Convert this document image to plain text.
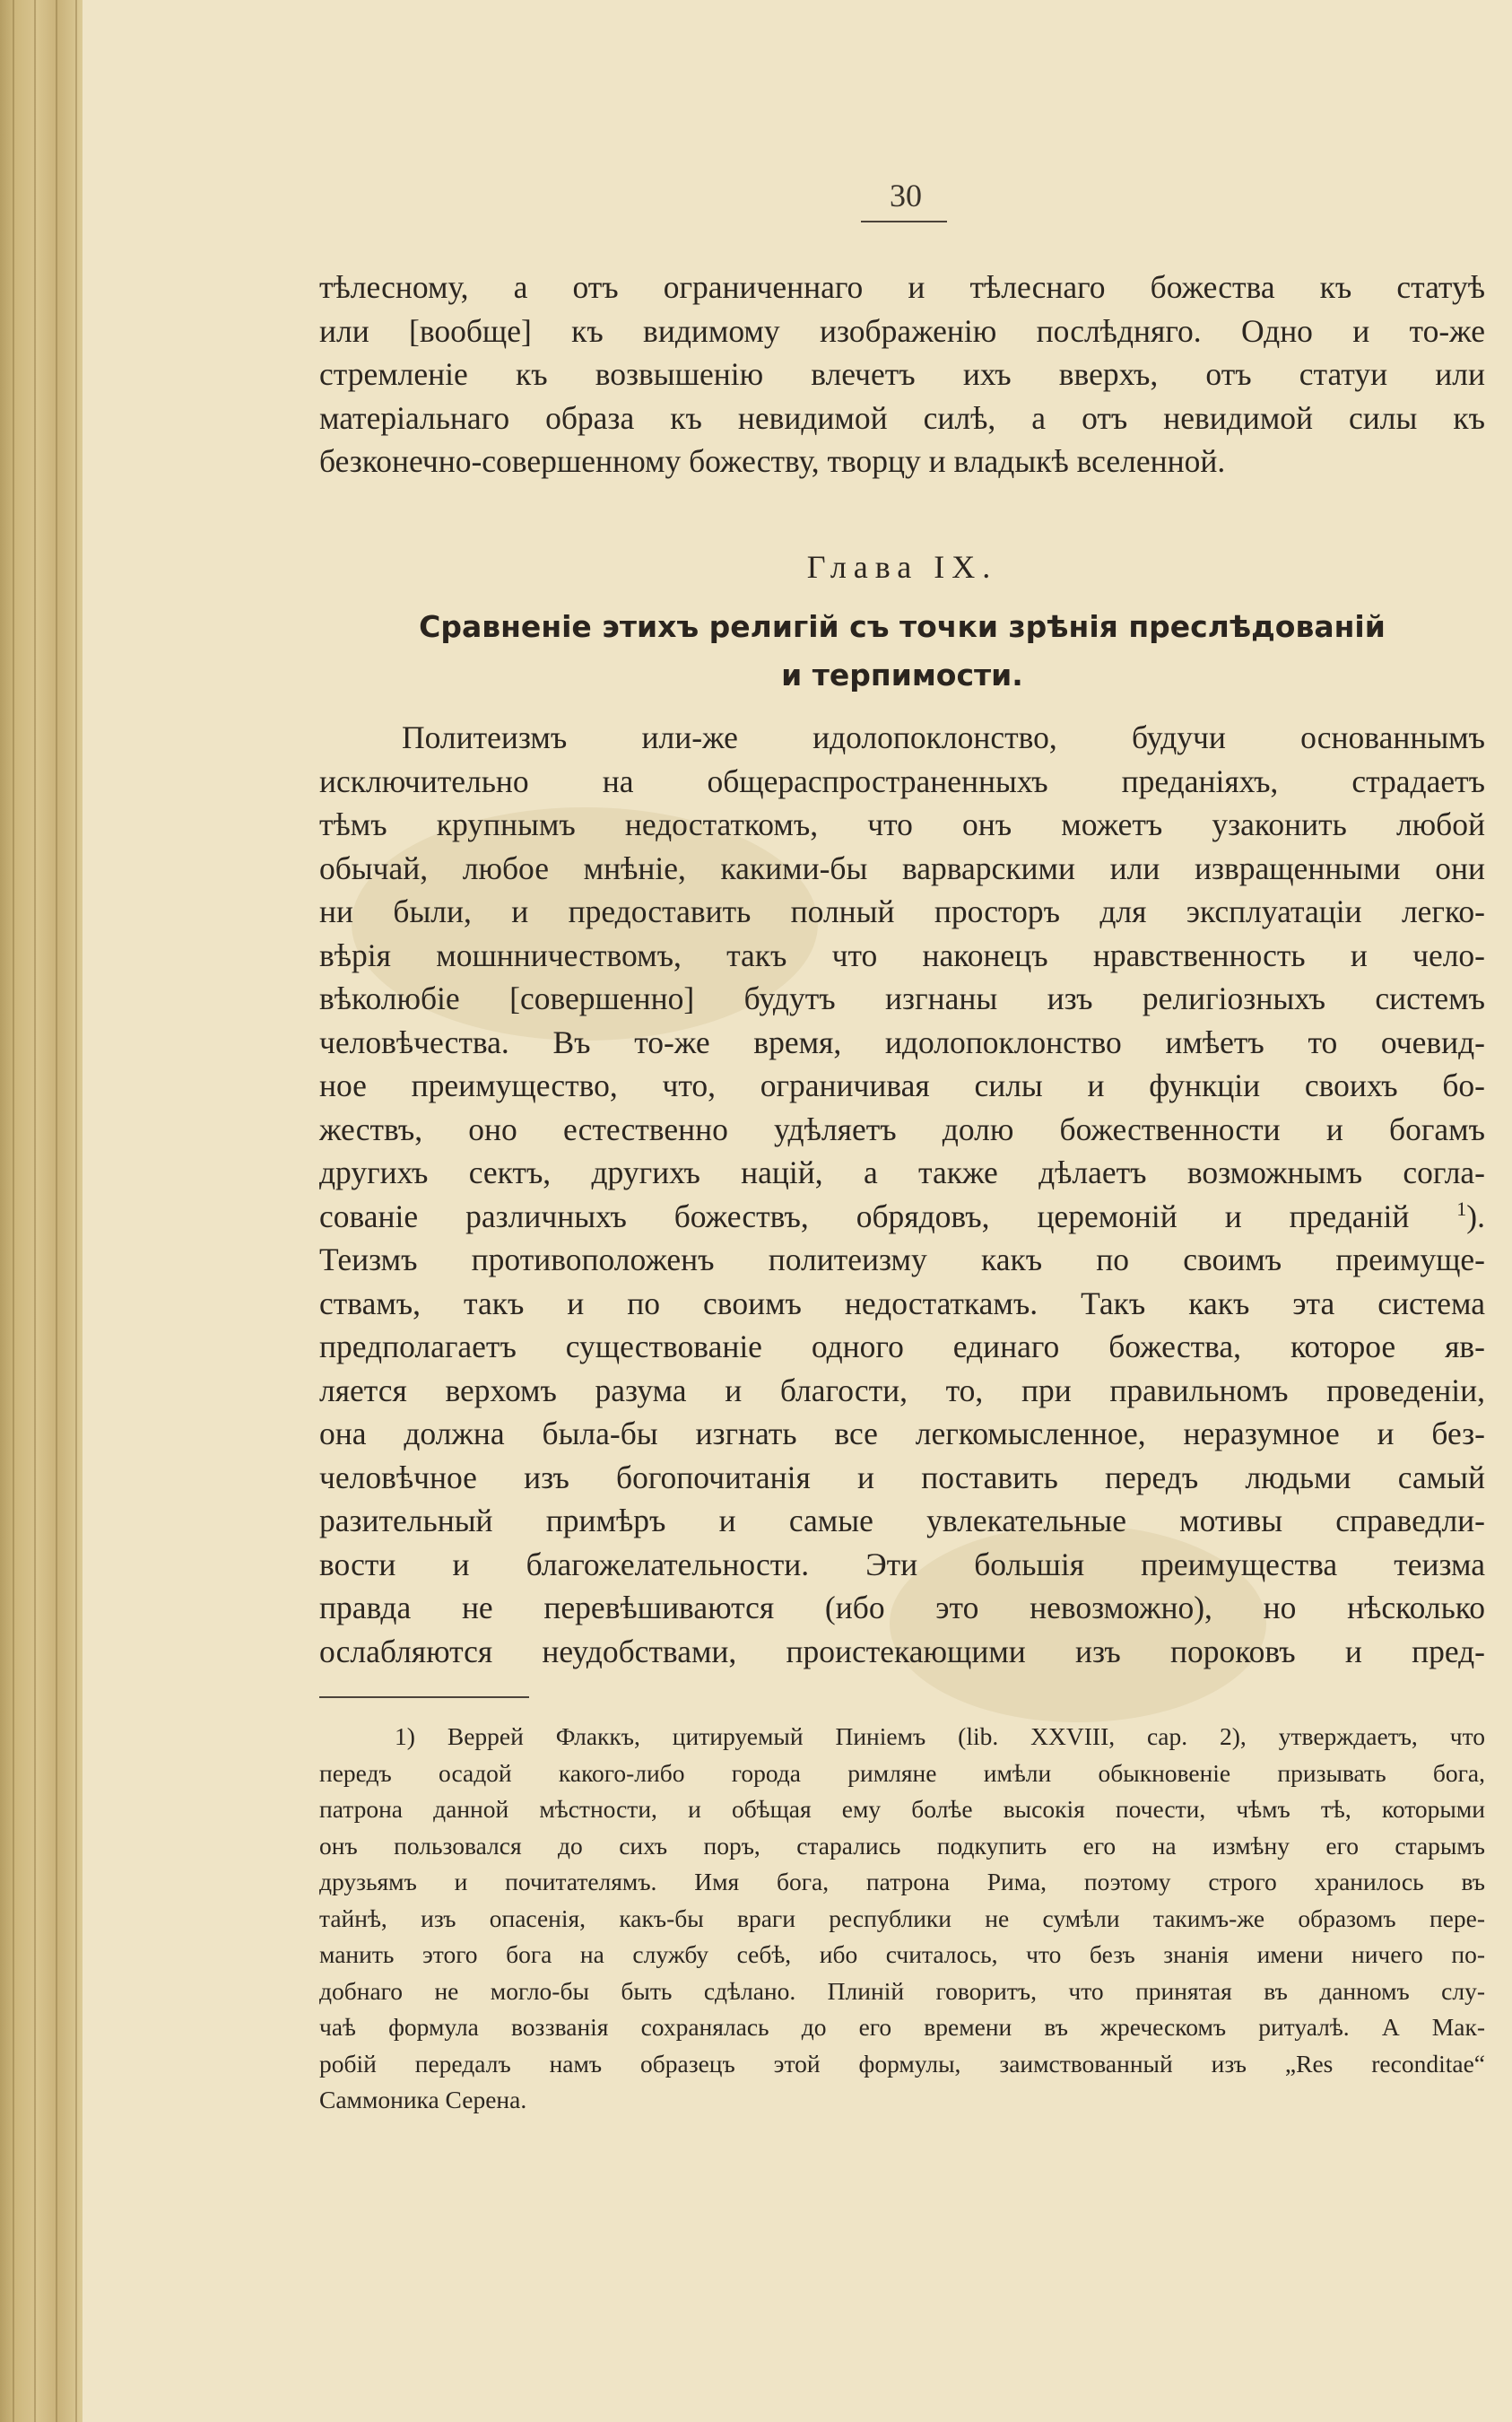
30
тѣлесному, а отъ ограниченнаго и тѣлеснаго божества къ статуѣ
или [вообще] къ видимому изображенію послѣдняго. Одно и то-же
стремленіе къ возвышенію влечетъ ихъ вверхъ, отъ статуи или
матеріальнаго образа къ невидимой силѣ, а отъ невидимой силы къ
безконечно-совершенному божеству, творцу и владыкѣ вселенной.
Глава IX.
Сравненіе этихъ религій съ точки зрѣнія преслѣдованій
и терпимости.
Политеизмъ или-же идолопоклонство, будучи основаннымъ
исключительно на общераспространенныхъ преданіяхъ, страдаетъ
тѣмъ крупнымъ недостаткомъ, что онъ можетъ узаконить любой
обычай, любое мнѣніе, какими-бы варварскими или извращенными они
ни были, и предоставить полный просторъ для эксплуатаціи легко-
вѣрія мошнничествомъ, такъ что наконецъ нравственность и чело-
вѣколюбіе [совершенно] будутъ изгнаны изъ религіозныхъ системъ
человѣчества. Въ то-же время, идолопоклонство имѣетъ то очевид-
ное преимущество, что, ограничивая силы и функціи своихъ бо-
жествъ, оно естественно удѣляетъ долю божественности и богамъ
другихъ сектъ, другихъ націй, а также дѣлаетъ возможнымъ согла-
сованіе различныхъ божествъ, обрядовъ, церемоній и преданій $^1$).
Теизмъ противоположенъ политеизму какъ по своимъ преимуще-
ствамъ, такъ и по своимъ недостаткамъ. Такъ какъ эта система
предполагаетъ существованіе одного единаго божества, которое яв-
ляется верхомъ разума и благости, то, при правильномъ проведеніи,
она должна была-бы изгнать все легкомысленное, неразумное и без-
человѣчное изъ богопочитанія и поставить передъ людьми самый
разительный примѣръ и самые увлекательные мотивы справедли-
вости и благожелательности. Эти большія преимущества теизма
правда не перевѣшиваются (ибо это невозможно), но нѣсколько
ослабляются неудобствами, проистекающими изъ пороковъ и пред-
1) Веррей Флаккъ, цитируемый Пиніемъ (lib. XXVIII, cap. 2), утверждаетъ, что
передъ осадой какого-либо города римляне имѣли обыкновеніе призывать бога,
патрона данной мѣстности, и обѣщая ему болѣе высокія почести, чѣмъ тѣ, которыми
онъ пользовался до сихъ поръ, старались подкупить его на измѣну его старымъ
друзьямъ и почитателямъ. Имя бога, патрона Рима, поэтому строго хранилось въ
тайнѣ, изъ опасенія, какъ-бы враги республики не сумѣли такимъ-же образомъ пере-
манить этого бога на службу себѣ, ибо считалось, что безъ знанія имени ничего по-
добнаго не могло-бы быть сдѣлано. Плиній говоритъ, что принятая въ данномъ слу-
чаѣ формула воззванія сохранялась до его времени въ жреческомъ ритуалѣ. А Мак-
робій передалъ намъ образецъ этой формулы, заимствованный изъ „Res reconditae“
Саммоника Серена.
